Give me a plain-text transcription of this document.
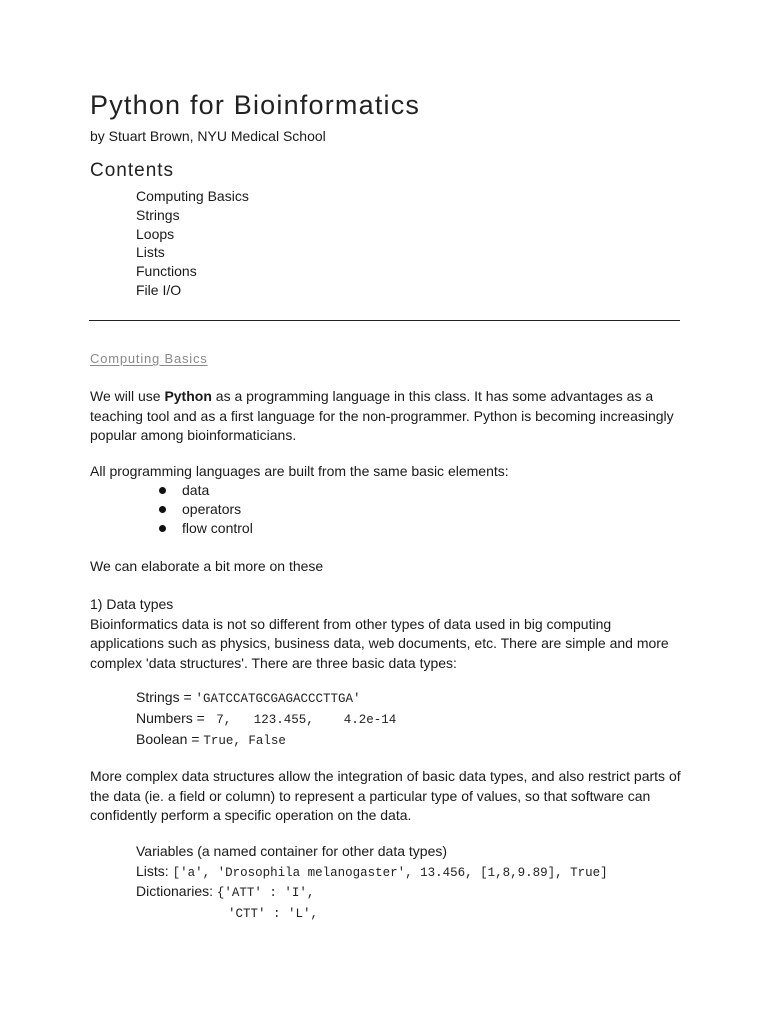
Python for Bioinformatics
by Stuart Brown, NYU Medical School
Contents
Computing Basics
Strings
Loops
Lists
Functions
File I/O
Computing Basics
We will use Python as a programming language in this class. It has some advantages as a
teaching tool and as a first language for the non-programmer. Python is becoming increasingly
popular among bioinformaticians.
All programming languages are built from the same basic elements:
data
operators
flow control
We can elaborate a bit more on these
1) Data types
Bioinformatics data is not so different from other types of data used in big computing
applications such as physics, business data, web documents, etc. There are simple and more
complex 'data structures'. There are three basic data types:
Strings = 'GATCCATGCGAGACCCTTGA'
Numbers =  7,   123.455,    4.2e-14
Boolean = True, False
More complex data structures allow the integration of basic data types, and also restrict parts of
the data (ie. a field or column) to represent a particular type of values, so that software can
confidently perform a specific operation on the data.
Variables (a named container for other data types)
Lists: ['a', 'Drosophila melanogaster', 13.456, [1,8,9.89], True]
Dictionaries: {'ATT' : 'I',
'CTT' : 'L',
